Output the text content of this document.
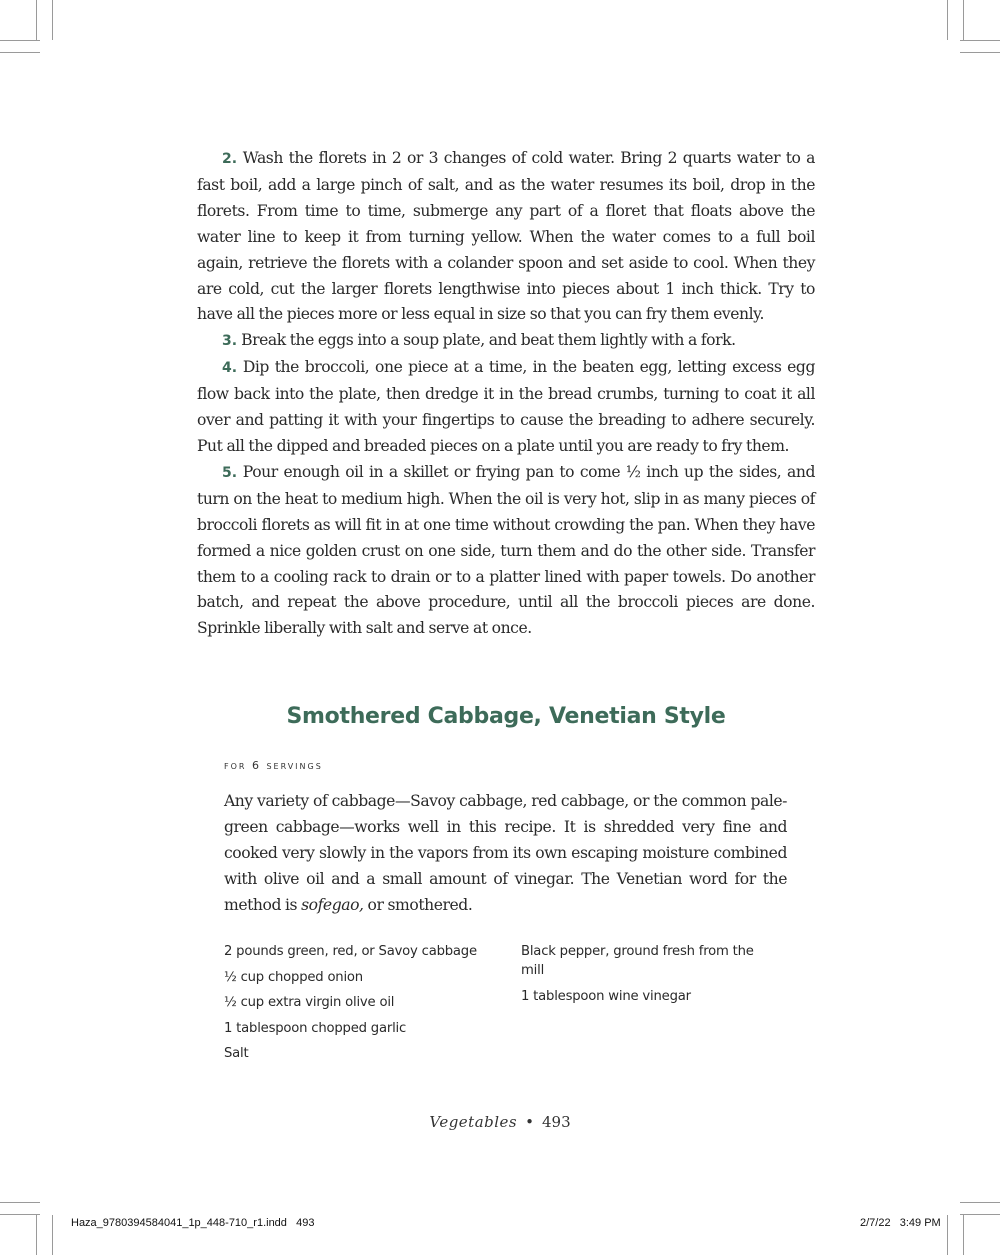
2. Wash the florets in 2 or 3 changes of cold water. Bring 2 quarts water to a fast boil, add a large pinch of salt, and as the water resumes its boil, drop in the florets. From time to time, submerge any part of a floret that floats above the water line to keep it from turning yellow. When the water comes to a full boil again, retrieve the florets with a colander spoon and set aside to cool. When they are cold, cut the larger florets lengthwise into pieces about 1 inch thick. Try to have all the pieces more or less equal in size so that you can fry them evenly.

3. Break the eggs into a soup plate, and beat them lightly with a fork.

4. Dip the broccoli, one piece at a time, in the beaten egg, letting excess egg flow back into the plate, then dredge it in the bread crumbs, turning to coat it all over and patting it with your fingertips to cause the breading to adhere securely. Put all the dipped and breaded pieces on a plate until you are ready to fry them.

5. Pour enough oil in a skillet or frying pan to come ½ inch up the sides, and turn on the heat to medium high. When the oil is very hot, slip in as many pieces of broccoli florets as will fit in at one time without crowding the pan. When they have formed a nice golden crust on one side, turn them and do the other side. Transfer them to a cooling rack to drain or to a platter lined with paper towels. Do another batch, and repeat the above procedure, until all the broccoli pieces are done. Sprinkle liberally with salt and serve at once.

Smothered Cabbage, Venetian Style
for 6 servings

Any variety of cabbage—Savoy cabbage, red cabbage, or the common pale-green cabbage—works well in this recipe. It is shredded very fine and cooked very slowly in the vapors from its own escaping moisture combined with olive oil and a small amount of vinegar. The Venetian word for the method is sofegao, or smothered.

2 pounds green, red, or Savoy cabbage
½ cup chopped onion
½ cup extra virgin olive oil
1 tablespoon chopped garlic
Salt
Black pepper, ground fresh from the mill
1 tablespoon wine vinegar
Vegetables • 493
Haza_9780394584041_1p_448-710_r1.indd   493	2/7/22   3:49 PM
